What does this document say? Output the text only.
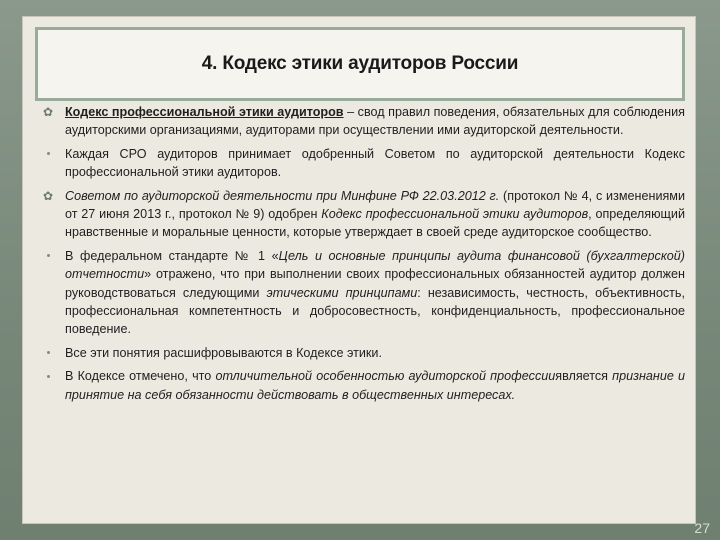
4. Кодекс этики аудиторов России
✿ Кодекс профессиональной этики аудиторов – свод правил поведения, обязательных для соблюдения аудиторскими организациями, аудиторами при осуществлении ими аудиторской деятельности.
Каждая СРО аудиторов принимает одобренный Советом по аудиторской деятельности Кодекс профессиональной этики аудиторов.
✿ Советом по аудиторской деятельности при Минфине РФ 22.03.2012 г. (протокол № 4, с изменениями от 27 июня 2013 г., протокол № 9) одобрен Кодекс профессиональной этики аудиторов, определяющий нравственные и моральные ценности, которые утверждает в своей среде аудиторское сообщество.
В федеральном стандарте № 1 «Цель и основные принципы аудита финансовой (бухгалтерской) отчетности» отражено, что при выполнении своих профессиональных обязанностей аудитор должен руководствоваться следующими этическими принципами: независимость, честность, объективность, профессиональная компетентность и добросовестность, конфиденциальность, профессиональное поведение.
Все эти понятия расшифровываются в Кодексе этики.
В Кодексе отмечено, что отличительной особенностью аудиторской профессииявляется признание и принятие на себя обязанности действовать в общественных интересах.
27
